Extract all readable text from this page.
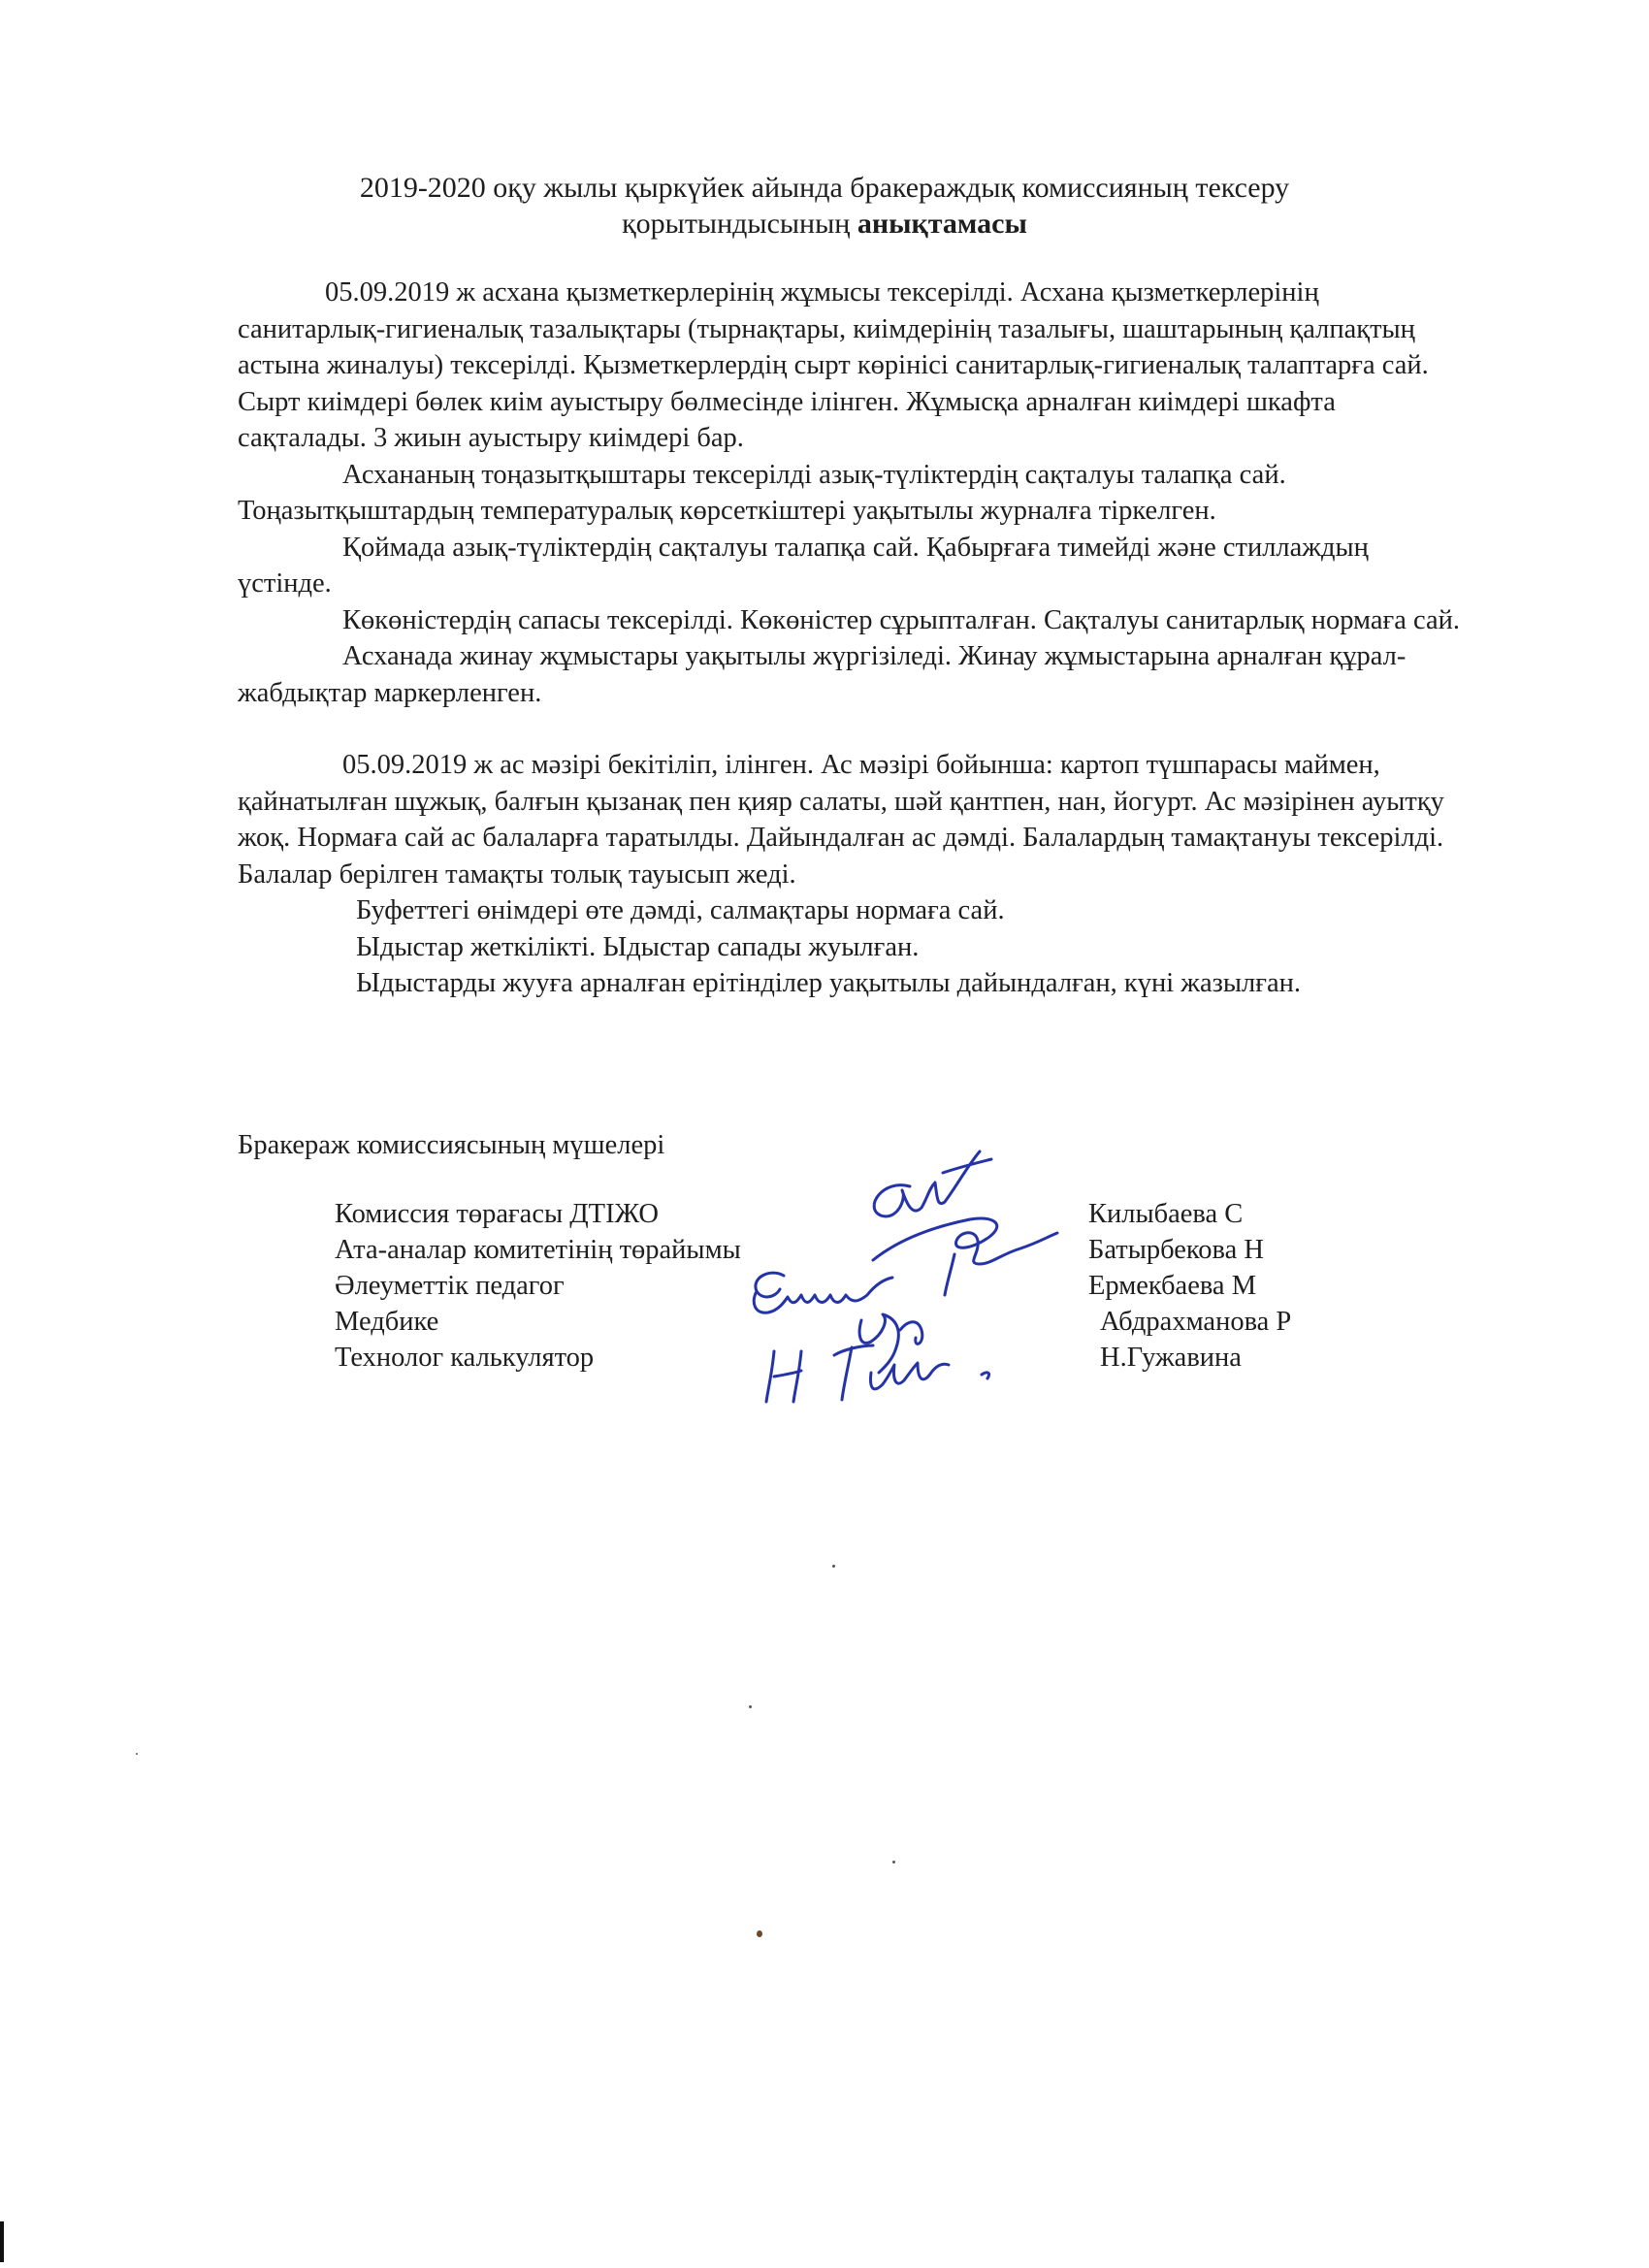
2019-2020 оқу жылы қыркүйек айында бракераждық комиссияның тексеру
қорытындысының анықтамасы

05.09.2019 ж асхана қызметкерлерінің жұмысы тексерілді. Асхана қызметкерлерінің санитарлық-гигиеналық тазалықтары (тырнақтары, киімдерінің тазалығы, шаштарының қалпақтың астына жиналуы) тексерілді. Қызметкерлердің сырт көрінісі санитарлық-гигиеналық талаптарға сай. Сырт киімдері бөлек киім ауыстыру бөлмесінде ілінген. Жұмысқа арналған киімдері шкафта сақталады. 3 жиын ауыстыру киімдері бар.

Асхананың тоңазытқыштары тексерілді азық-түліктердің сақталуы талапқа сай. Тоңазытқыштардың температуралық көрсеткіштері уақытылы журналға тіркелген.

Қоймада азық-түліктердің сақталуы талапқа сай. Қабырғаға тимейді және стиллаждың үстінде.

Көкөністердің сапасы тексерілді. Көкөністер сұрыпталған. Сақталуы санитарлық нормаға сай.

Асханада жинау жұмыстары уақытылы жүргізіледі. Жинау жұмыстарына арналған құрал-жабдықтар маркерленген.

05.09.2019 ж ас мәзірі бекітіліп, ілінген. Ас мәзірі бойынша: картоп түшпарасы маймен, қайнатылған шұжық, балғын қызанақ пен қияр салаты, шәй қантпен, нан, йогурт. Ас мәзірінен ауытқу жоқ. Нормаға сай ас балаларға таратылды. Дайындалған ас дәмді. Балалардың тамақтануы тексерілді. Балалар берілген тамақты толық тауысып жеді.

Буфеттегі өнімдері өте дәмді, салмақтары нормаға сай.

Ыдыстар жеткілікті. Ыдыстар сапады жуылған.

Ыдыстарды жууға арналған ерітінділер уақытылы дайындалған, күні жазылған.

Бракераж комиссиясының мүшелері
Комиссия төрағасы ДТІЖО
Ата-аналар комитетінің төрайымы
Әлеуметтік педагог
Медбике
Технолог калькулятор
Килыбаева С
Батырбекова Н
Ермекбаева М
Абдрахманова Р
Н.Гужавина
